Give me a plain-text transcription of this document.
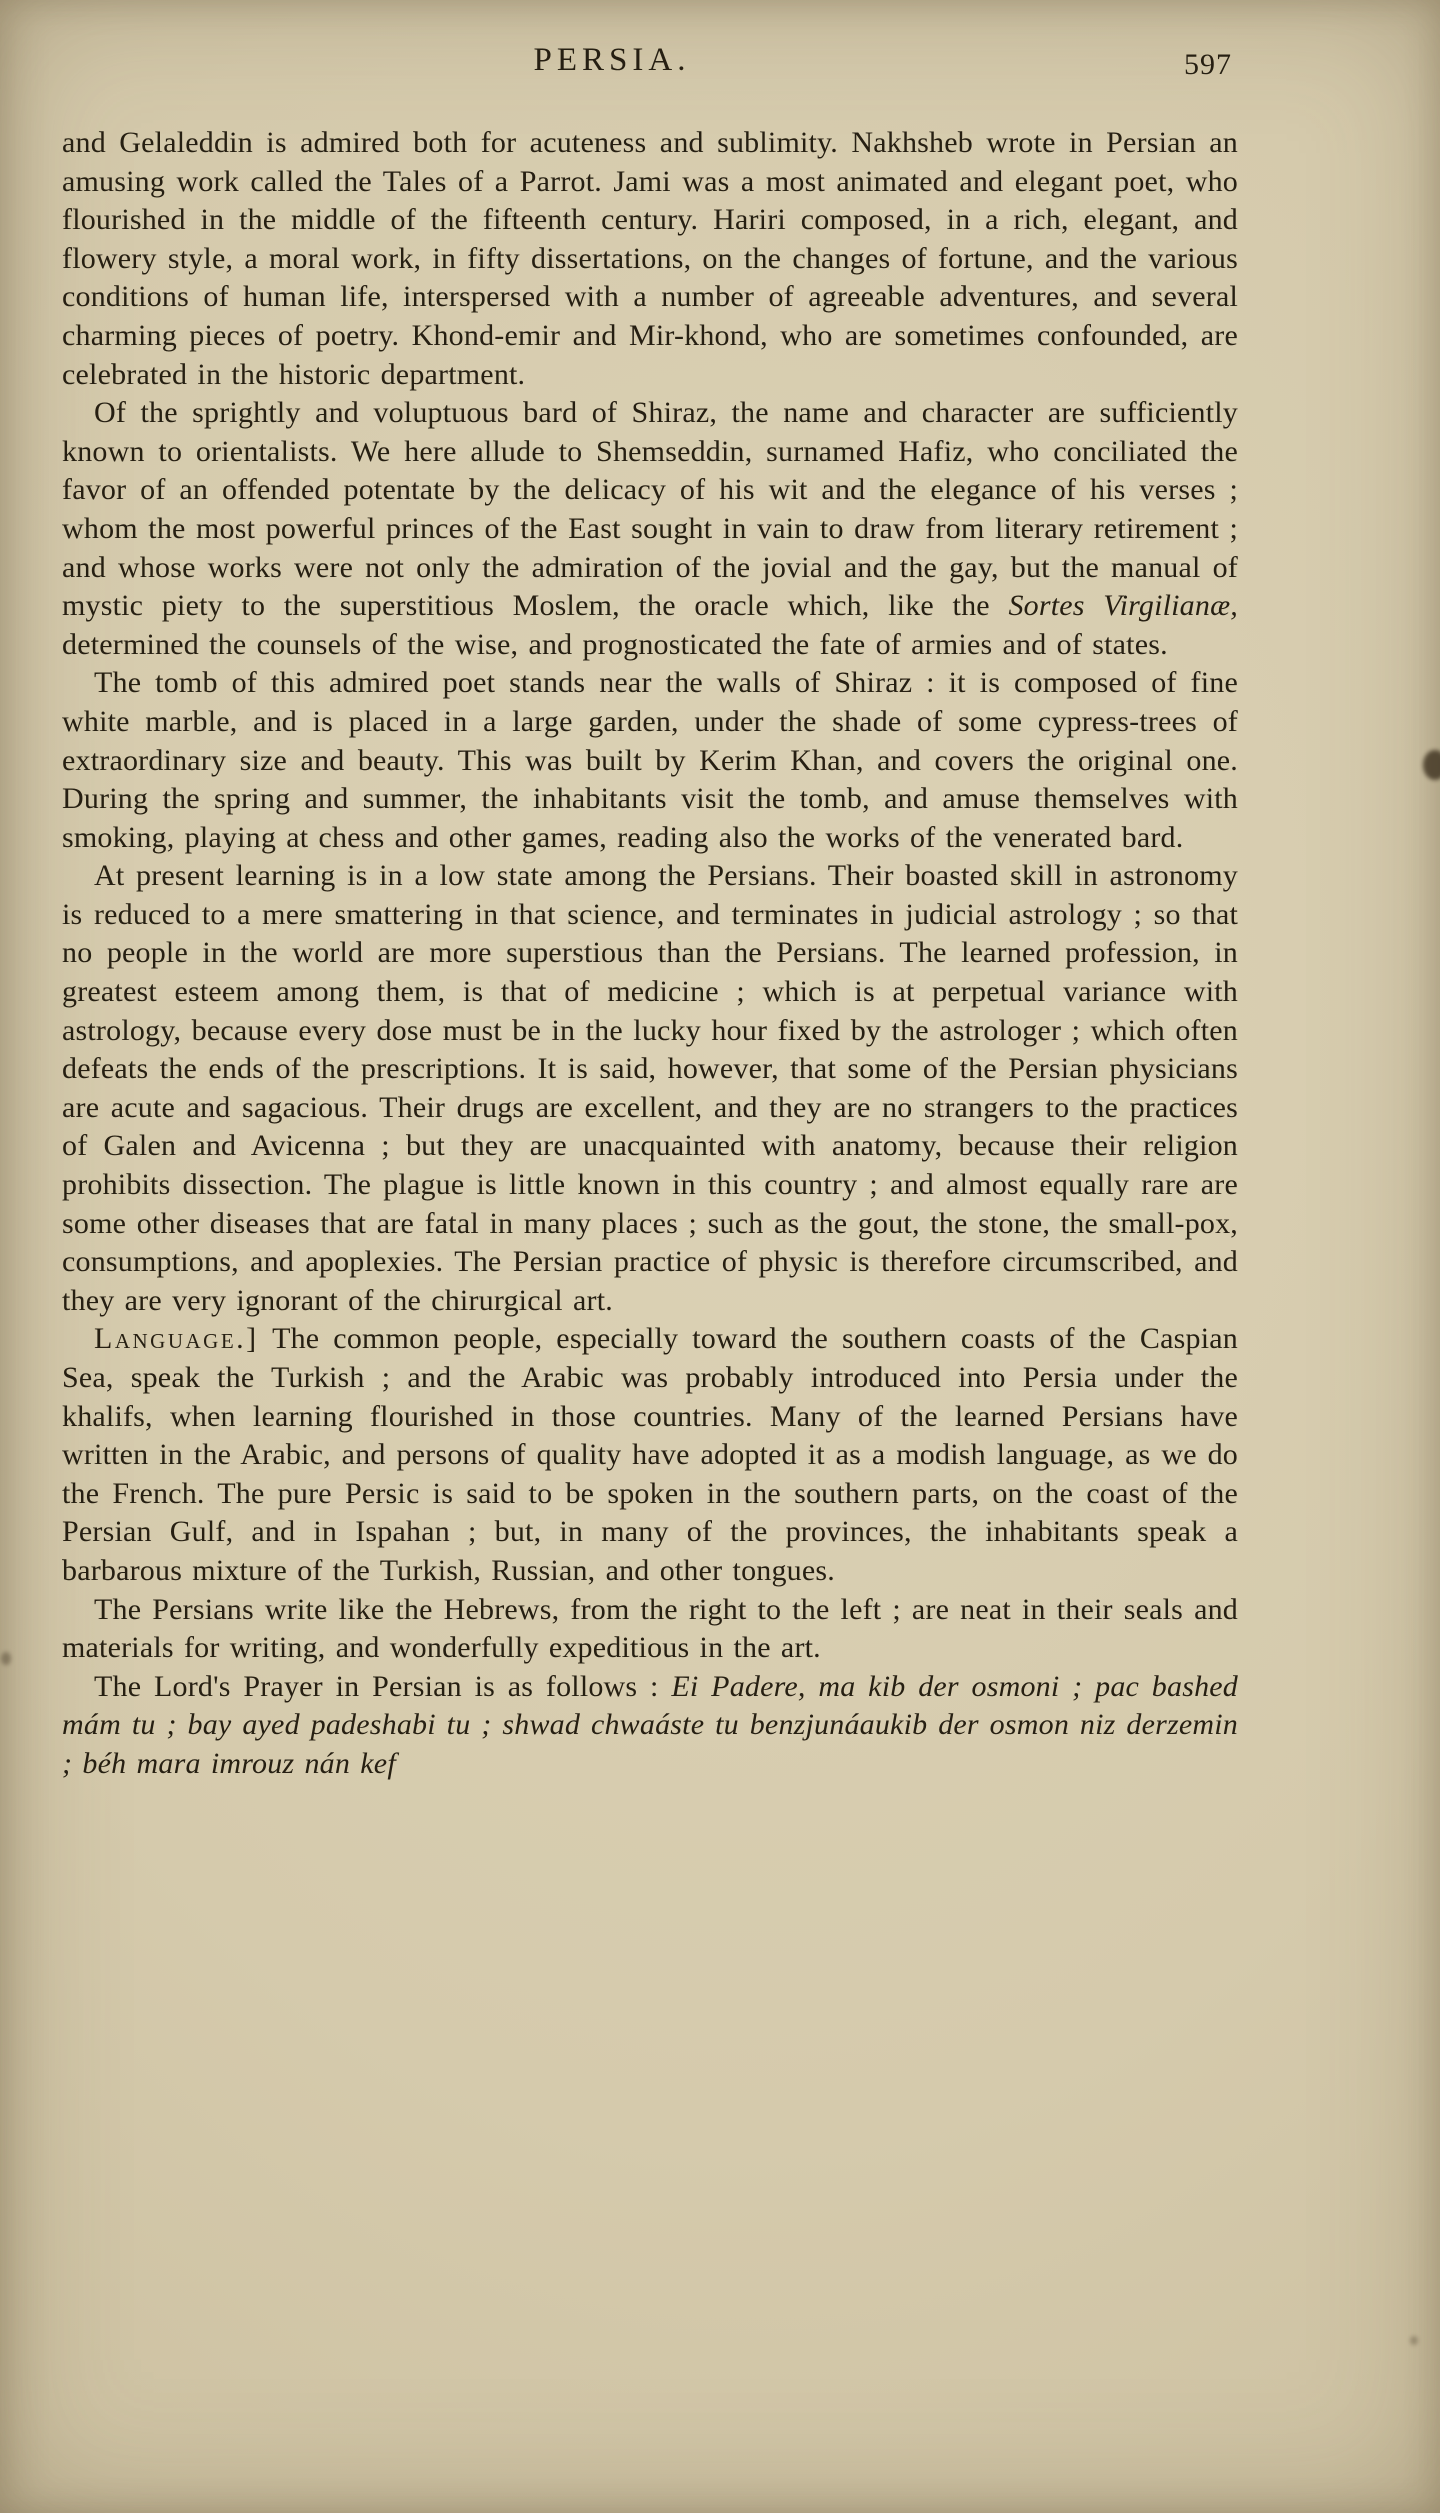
PERSIA.	597

and Gelaleddin is admired both for acuteness and sublimity. Nakhsheb wrote in Persian an amusing work called the Tales of a Parrot. Jami was a most animated and elegant poet, who flourished in the middle of the fifteenth century. Hariri composed, in a rich, elegant, and flowery style, a moral work, in fifty dissertations, on the changes of fortune, and the various conditions of human life, interspersed with a number of agreeable adventures, and several charming pieces of poetry. Khond-emir and Mir-khond, who are sometimes confounded, are celebrated in the historic department.

Of the sprightly and voluptuous bard of Shiraz, the name and character are sufficiently known to orientalists. We here allude to Shemseddin, surnamed Hafiz, who conciliated the favor of an offended potentate by the delicacy of his wit and the elegance of his verses ; whom the most powerful princes of the East sought in vain to draw from literary retirement ; and whose works were not only the admiration of the jovial and the gay, but the manual of mystic piety to the superstitious Moslem, the oracle which, like the Sortes Virgilianæ, determined the counsels of the wise, and prognosticated the fate of armies and of states.

The tomb of this admired poet stands near the walls of Shiraz : it is composed of fine white marble, and is placed in a large garden, under the shade of some cypress-trees of extraordinary size and beauty. This was built by Kerim Khan, and covers the original one. During the spring and summer, the inhabitants visit the tomb, and amuse themselves with smoking, playing at chess and other games, reading also the works of the venerated bard.

At present learning is in a low state among the Persians. Their boasted skill in astronomy is reduced to a mere smattering in that science, and terminates in judicial astrology ; so that no people in the world are more superstious than the Persians. The learned profession, in greatest esteem among them, is that of medicine ; which is at perpetual variance with astrology, because every dose must be in the lucky hour fixed by the astrologer ; which often defeats the ends of the prescriptions. It is said, however, that some of the Persian physicians are acute and sagacious. Their drugs are excellent, and they are no strangers to the practices of Galen and Avicenna ; but they are unacquainted with anatomy, because their religion prohibits dissection. The plague is little known in this country ; and almost equally rare are some other diseases that are fatal in many places ; such as the gout, the stone, the small-pox, consumptions, and apoplexies. The Persian practice of physic is therefore circumscribed, and they are very ignorant of the chirurgical art.

Language.] The common people, especially toward the southern coasts of the Caspian Sea, speak the Turkish ; and the Arabic was probably introduced into Persia under the khalifs, when learning flourished in those countries. Many of the learned Persians have written in the Arabic, and persons of quality have adopted it as a modish language, as we do the French. The pure Persic is said to be spoken in the southern parts, on the coast of the Persian Gulf, and in Ispahan ; but, in many of the provinces, the inhabitants speak a barbarous mixture of the Turkish, Russian, and other tongues.

The Persians write like the Hebrews, from the right to the left ; are neat in their seals and materials for writing, and wonderfully expeditious in the art.

The Lord's Prayer in Persian is as follows : Ei Padere, ma kib der osmoni ; pac bashed mám tu ; bay ayed padeshabi tu ; shwad chwaáste tu benzjunáaukib der osmon niz derzemin ; béh mara imrouz nán kef
